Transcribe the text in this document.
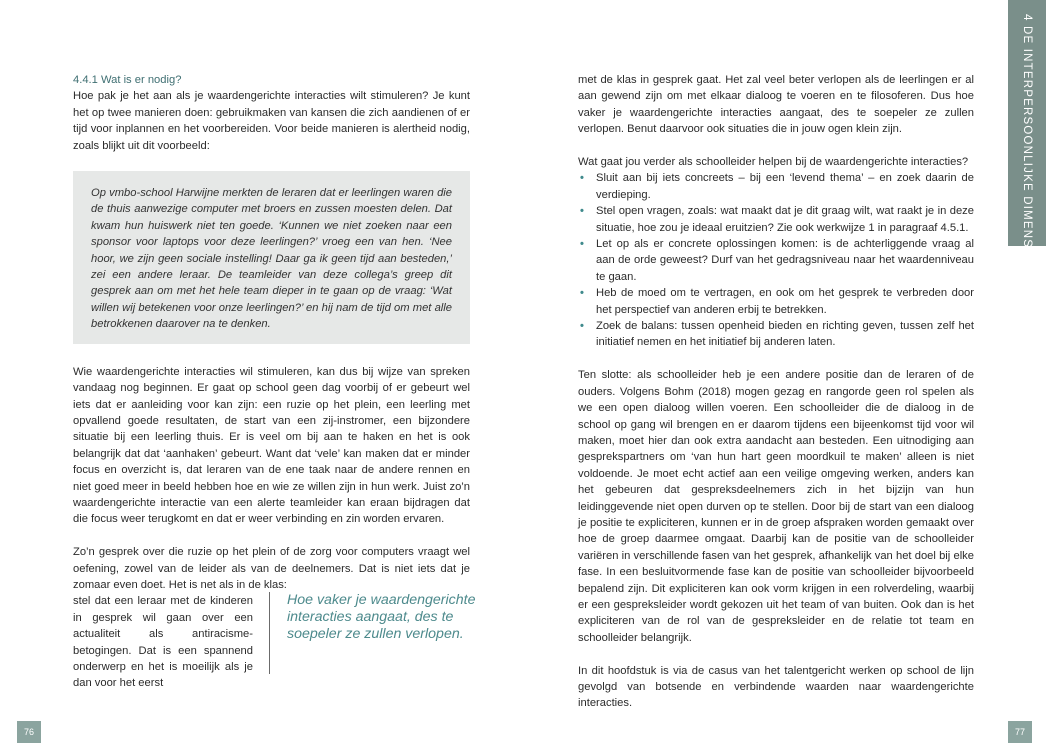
4.4.1 Wat is er nodig?

Hoe pak je het aan als je waardengerichte interacties wilt stimuleren? Je kunt het op twee manieren doen: gebruikmaken van kansen die zich aandienen of er tijd voor inplannen en het voorbereiden. Voor beide manieren is alertheid nodig, zoals blijkt uit dit voorbeeld:

Op vmbo-school Harwijne merkten de leraren dat er leerlingen waren die de thuis aanwezige computer met broers en zussen moesten delen. Dat kwam hun huiswerk niet ten goede. ‘Kunnen we niet zoeken naar een sponsor voor laptops voor deze leerlingen?’ vroeg een van hen. ‘Nee hoor, we zijn geen sociale instelling! Daar ga ik geen tijd aan besteden,’ zei een andere leraar. De teamleider van deze collega’s greep dit gesprek aan om met het hele team dieper in te gaan op de vraag: ‘Wat willen wij betekenen voor onze leerlingen?’ en hij nam de tijd om met alle betrokkenen daarover na te denken.

Wie waardengerichte interacties wil stimuleren, kan dus bij wijze van spreken vandaag nog beginnen. Er gaat op school geen dag voorbij of er gebeurt wel iets dat er aanleiding voor kan zijn: een ruzie op het plein, een leerling met opvallend goede resultaten, de start van een zij-instromer, een bijzondere situatie bij een leerling thuis. Er is veel om bij aan te haken en het is ook belangrijk dat dat ‘aanhaken’ gebeurt. Want dat ‘vele’ kan maken dat er minder focus en overzicht is, dat leraren van de ene taak naar de andere rennen en niet goed meer in beeld hebben hoe en wie ze willen zijn in hun werk. Juist zo’n waardengerichte interactie van een alerte teamleider kan eraan bijdragen dat die focus weer terugkomt en dat er weer verbinding en zin worden ervaren.

Zo’n gesprek over die ruzie op het plein of de zorg voor computers vraagt wel oefening, zowel van de leider als van de deelnemers. Dat is niet iets dat je zomaar even doet. Het is net als in de klas:

stel dat een leraar met de kinderen in gesprek wil gaan over een actualiteit als antiracisme-betogingen. Dat is een spannend onderwerp en het is moeilijk als je dan voor het eerst

Hoe vaker je waardengerichte interacties aangaat, des te soepeler ze zullen verlopen.

met de klas in gesprek gaat. Het zal veel beter verlopen als de leerlingen er al aan gewend zijn om met elkaar dialoog te voeren en te filosoferen. Dus hoe vaker je waardengerichte interacties aangaat, des te soepeler ze zullen verlopen. Benut daarvoor ook situaties die in jouw ogen klein zijn.

Wat gaat jou verder als schoolleider helpen bij de waardengerichte interacties?

• Sluit aan bij iets concreets – bij een ‘levend thema’ – en zoek daarin de verdieping.
• Stel open vragen, zoals: wat maakt dat je dit graag wilt, wat raakt je in deze situatie, hoe zou je ideaal eruitzien? Zie ook werkwijze 1 in paragraaf 4.5.1.
• Let op als er concrete oplossingen komen: is de achterliggende vraag al aan de orde geweest? Durf van het gedragsniveau naar het waardenniveau te gaan.
• Heb de moed om te vertragen, en ook om het gesprek te verbreden door het perspectief van anderen erbij te betrekken.
• Zoek de balans: tussen openheid bieden en richting geven, tussen zelf het initiatief nemen en het initiatief bij anderen laten.

Ten slotte: als schoolleider heb je een andere positie dan de leraren of de ouders. Volgens Bohm (2018) mogen gezag en rangorde geen rol spelen als we een open dialoog willen voeren. Een schoolleider die de dialoog in de school op gang wil brengen en er daarom tijdens een bijeenkomst tijd voor wil maken, moet hier dan ook extra aandacht aan besteden. Een uitnodiging aan gesprekspartners om ‘van hun hart geen moordkuil te maken’ alleen is niet voldoende. Je moet echt actief aan een veilige omgeving werken, anders kan het gebeuren dat gespreksdeelnemers zich in het bijzijn van hun leidinggevende niet open durven op te stellen. Door bij de start van een dialoog je positie te expliciteren, kunnen er in de groep afspraken worden gemaakt over hoe de groep daarmee omgaat. Daarbij kan de positie van de schoolleider variëren in verschillende fasen van het gesprek, afhankelijk van het doel bij elke fase. In een besluitvormende fase kan de positie van schoolleider bijvoorbeeld bepalend zijn. Dit expliciteren kan ook vorm krijgen in een rolverdeling, waarbij er een gespreksleider wordt gekozen uit het team of van buiten. Ook dan is het expliciteren van de rol van de gespreksleider en de relatie tot team en schoolleider belangrijk.

In dit hoofdstuk is via de casus van het talentgericht werken op school de lijn gevolgd van botsende en verbindende waarden naar waardengerichte interacties.

4 DE INTERPERSOONLIJKE DIMENSIE
76	77
